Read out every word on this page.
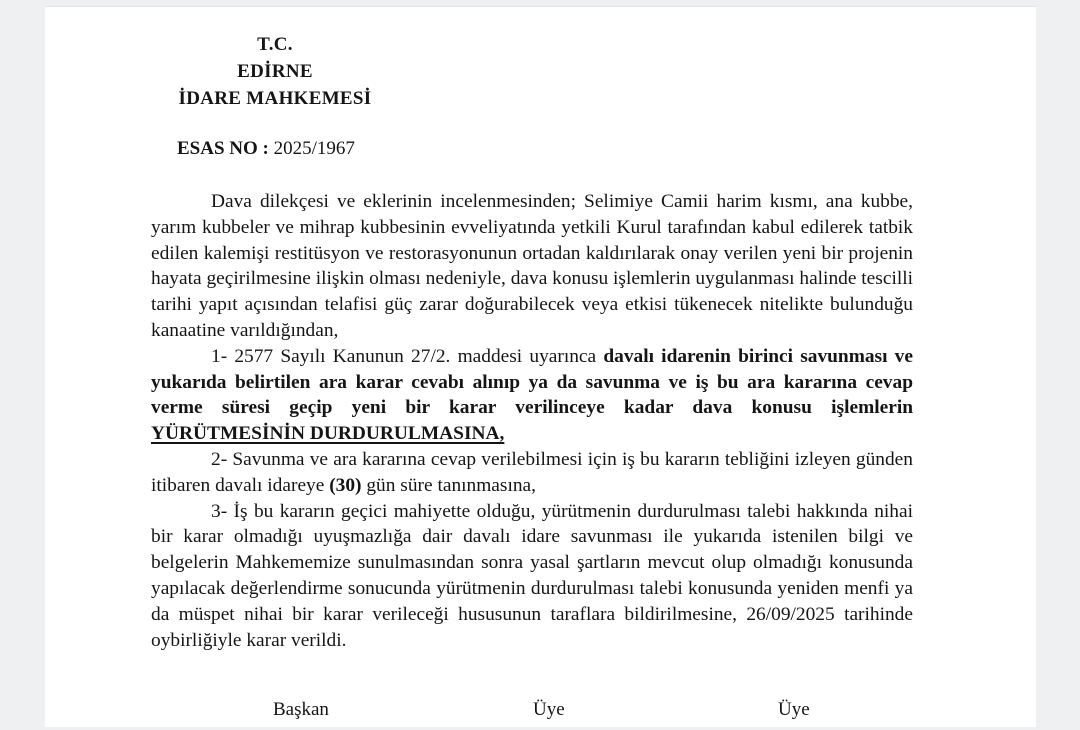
T.C.
EDİRNE
İDARE MAHKEMESİ
ESAS NO : 2025/1967

Dava dilekçesi ve eklerinin incelenmesinden; Selimiye Camii harim kısmı, ana kubbe, yarım kubbeler ve mihrap kubbesinin evveliyatında yetkili Kurul tarafından kabul edilerek tatbik edilen kalemişi restitüsyon ve restorasyonunun ortadan kaldırılarak onay verilen yeni bir projenin hayata geçirilmesine ilişkin olması nedeniyle, dava konusu işlemlerin uygulanması halinde tescilli tarihi yapıt açısından telafisi güç zarar doğurabilecek veya etkisi tükenecek nitelikte bulunduğu kanaatine varıldığından,

1- 2577 Sayılı Kanunun 27/2. maddesi uyarınca davalı idarenin birinci savunması ve yukarıda belirtilen ara karar cevabı alınıp ya da savunma ve iş bu ara kararına cevap verme süresi geçip yeni bir karar verilinceye kadar dava konusu işlemlerin YÜRÜTMESİNİN DURDURULMASINA,

2- Savunma ve ara kararına cevap verilebilmesi için iş bu kararın tebliğini izleyen günden itibaren davalı idareye (30) gün süre tanınmasına,

3- İş bu kararın geçici mahiyette olduğu, yürütmenin durdurulması talebi hakkında nihai bir karar olmadığı uyuşmazlığa dair davalı idare savunması ile yukarıda istenilen bilgi ve belgelerin Mahkememize sunulmasından sonra yasal şartların mevcut olup olmadığı konusunda yapılacak değerlendirme sonucunda yürütmenin durdurulması talebi konusunda yeniden menfi ya da müspet nihai bir karar verileceği hususunun taraflara bildirilmesine, 26/09/2025 tarihinde oybirliğiyle karar verildi.

Başkan	Üye	Üye
